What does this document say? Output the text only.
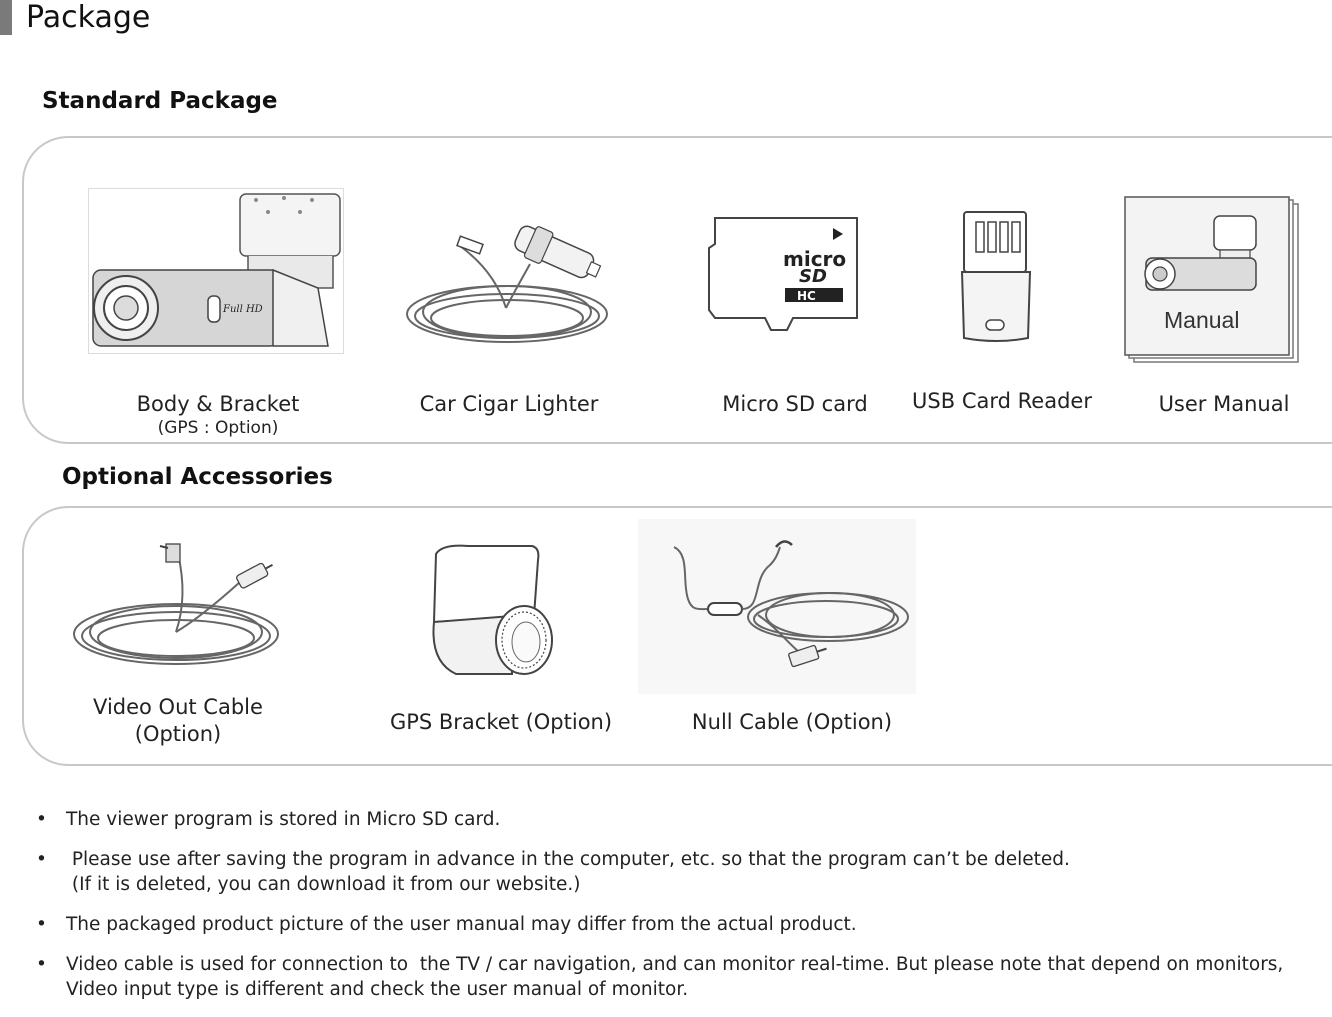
Package
Standard Package
Full HD
Body & Bracket
(GPS : Option)
Car Cigar Lighter
micro
SD
HC
Micro SD card	USB Card Reader
Manual
User Manual
Optional Accessories
Video Out Cable
(Option)	GPS Bracket (Option)	Null Cable (Option)
• The viewer program is stored in Micro SD card.
• Please use after saving the program in advance in the computer, etc. so that the program can’t be deleted.
(If it is deleted, you can download it from our website.)
• The packaged product picture of the user manual may differ from the actual product.
• Video cable is used for connection to  the TV / car navigation, and can monitor real-time. But please note that depend on monitors,
Video input type is different and check the user manual of monitor.
